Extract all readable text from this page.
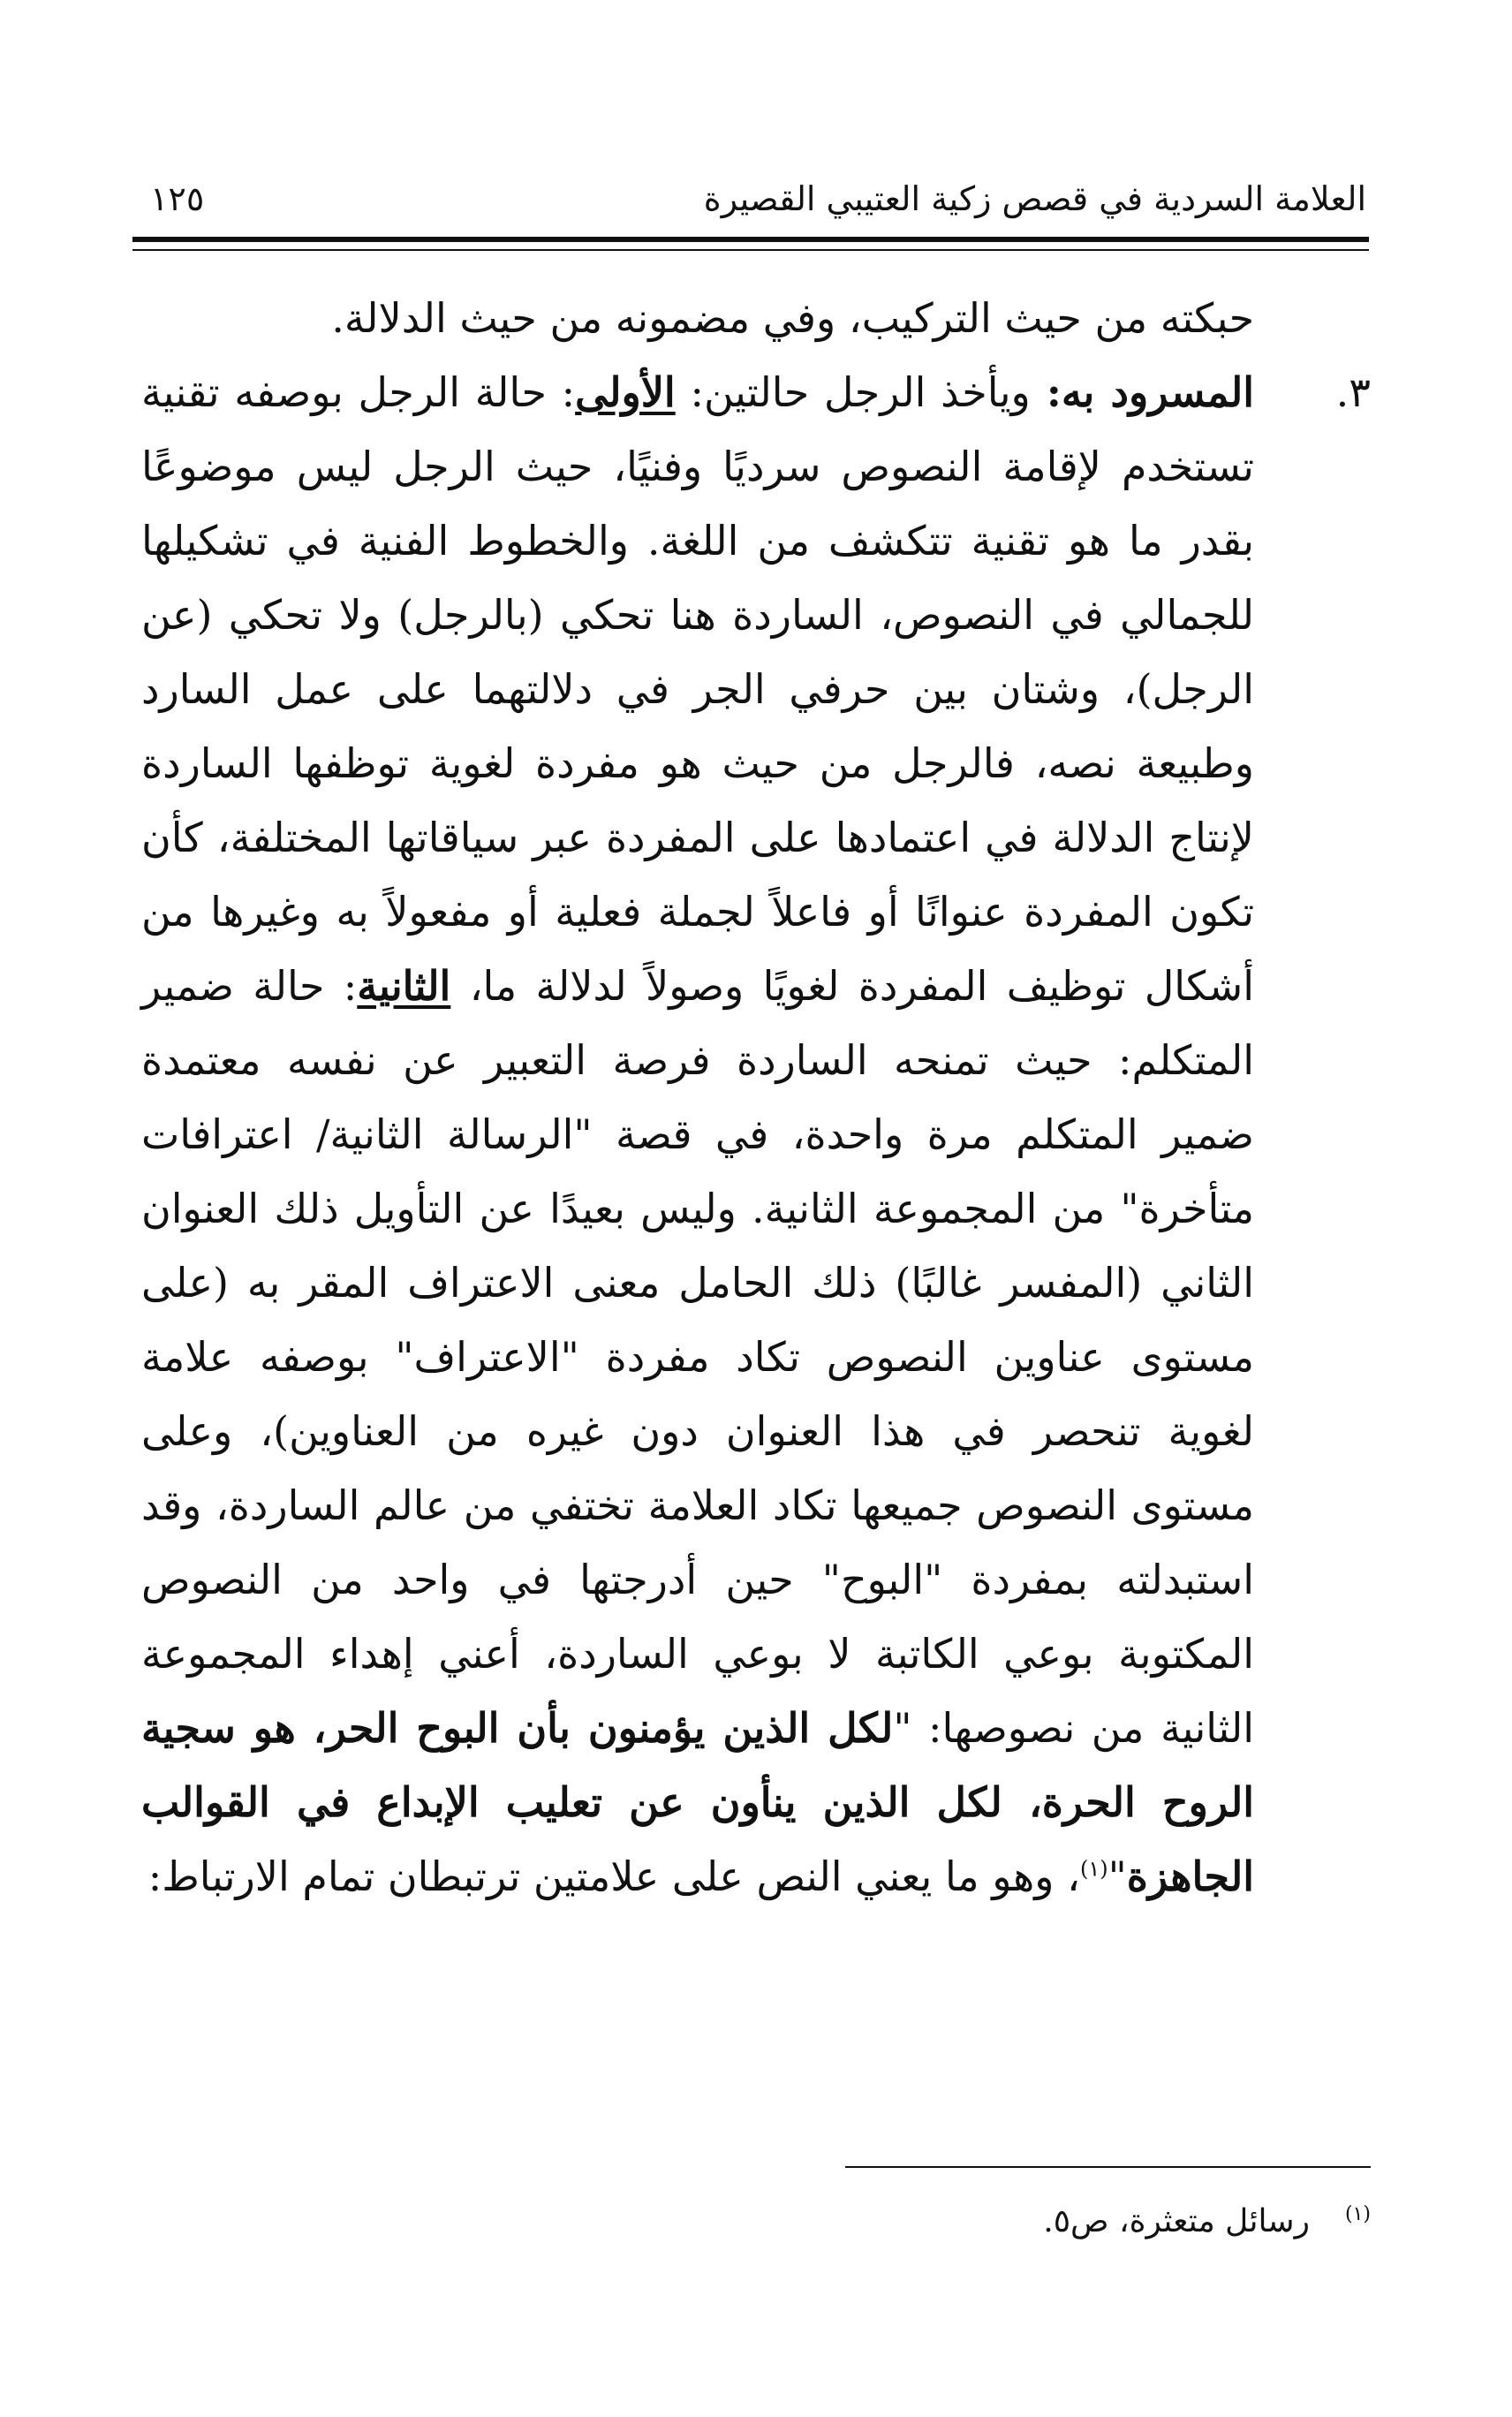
العلامة السردية في قصص زكية العتيبي القصيرة
١٢٥

حبكته من حيث التركيب، وفي مضمونه من حيث الدلالة.

٣.
المسرود به: ويأخذ الرجل حالتين: الأولى: حالة الرجل بوصفه تقنية تستخدم لإقامة النصوص سرديًا وفنيًا، حيث الرجل ليس موضوعًا بقدر ما هو تقنية تتكشف من اللغة. والخطوط الفنية في تشكيلها للجمالي في النصوص، الساردة هنا تحكي (بالرجل) ولا تحكي (عن الرجل)، وشتان بين حرفي الجر في دلالتهما على عمل السارد وطبيعة نصه، فالرجل من حيث هو مفردة لغوية توظفها الساردة لإنتاج الدلالة في اعتمادها على المفردة عبر سياقاتها المختلفة، كأن تكون المفردة عنوانًا أو فاعلاً لجملة فعلية أو مفعولاً به وغيرها من أشكال توظيف المفردة لغويًا وصولاً لدلالة ما، الثانية: حالة ضمير المتكلم: حيث تمنحه الساردة فرصة التعبير عن نفسه معتمدة ضمير المتكلم مرة واحدة، في قصة "الرسالة الثانية/ اعترافات متأخرة" من المجموعة الثانية. وليس بعيدًا عن التأويل ذلك العنوان الثاني (المفسر غالبًا) ذلك الحامل معنى الاعتراف المقر به (على مستوى عناوين النصوص تكاد مفردة "الاعتراف" بوصفه علامة لغوية تنحصر في هذا العنوان دون غيره من العناوين)، وعلى مستوى النصوص جميعها تكاد العلامة تختفي من عالم الساردة، وقد استبدلته بمفردة "البوح" حين أدرجتها في واحد من النصوص المكتوبة بوعي الكاتبة لا بوعي الساردة، أعني إهداء المجموعة الثانية من نصوصها: "لكل الذين يؤمنون بأن البوح الحر، هو سجية الروح الحرة، لكل الذين ينأون عن تعليب الإبداع في القوالب الجاهزة"$^{(١)}$، وهو ما يعني النص على علامتين ترتبطان تمام الارتباط:

$^{(١)}$رسائل متعثرة، ص٥.
